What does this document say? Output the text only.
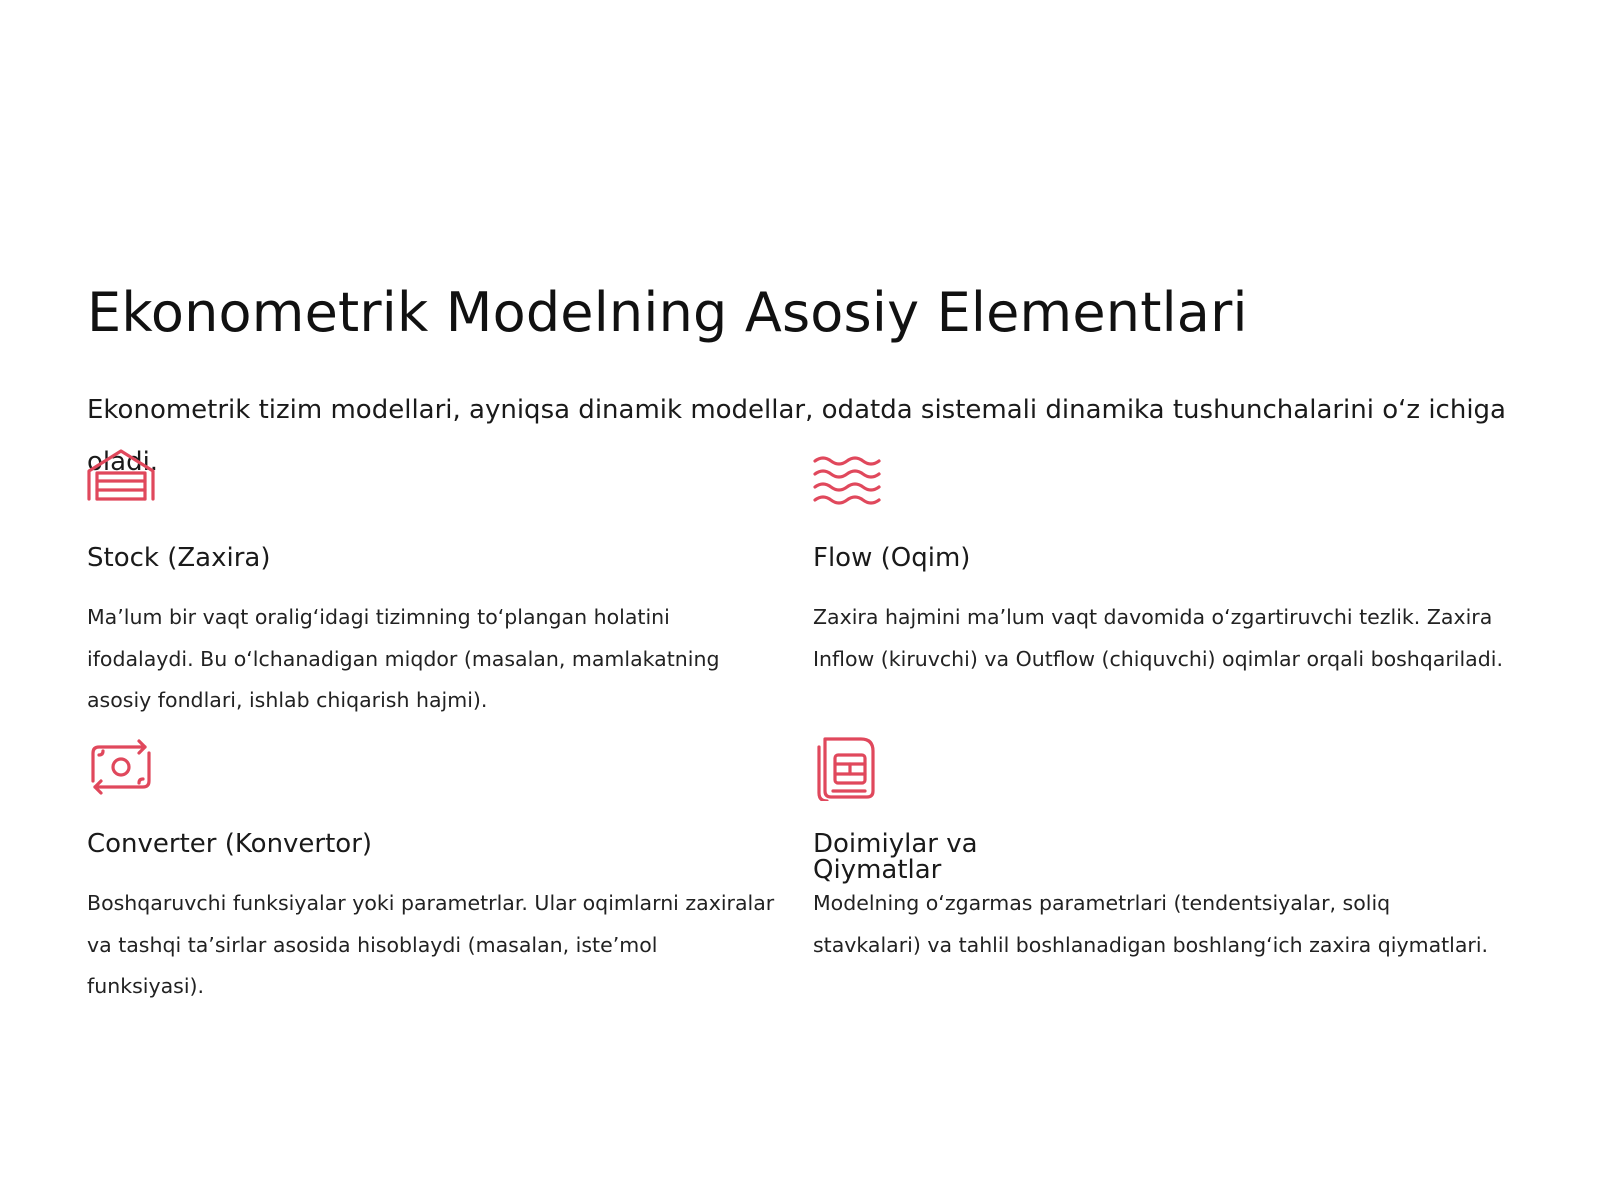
Ekonometrik Modelning Asosiy Elementlari

Ekonometrik tizim modellari, ayniqsa dinamik modellar, odatda sistemali dinamika tushunchalarini o‘z ichiga oladi.

Stock (Zaxira)

Ma’lum bir vaqt oralig‘idagi tizimning to‘plangan holatini ifodalaydi. Bu o‘lchanadigan miqdor (masalan, mamlakatning asosiy fondlari, ishlab chiqarish hajmi).

Flow (Oqim)

Zaxira hajmini ma’lum vaqt davomida o‘zgartiruvchi tezlik. Zaxira Inflow (kiruvchi) va Outflow (chiquvchi) oqimlar orqali boshqariladi.

Converter (Konvertor)

Boshqaruvchi funksiyalar yoki parametrlar. Ular oqimlarni zaxiralar va tashqi ta’sirlar asosida hisoblaydi (masalan, iste’mol funksiyasi).

Doimiylar va Qiymatlar

Modelning o‘zgarmas parametrlari (tendentsiyalar, soliq stavkalari) va tahlil boshlanadigan boshlang‘ich zaxira qiymatlari.
